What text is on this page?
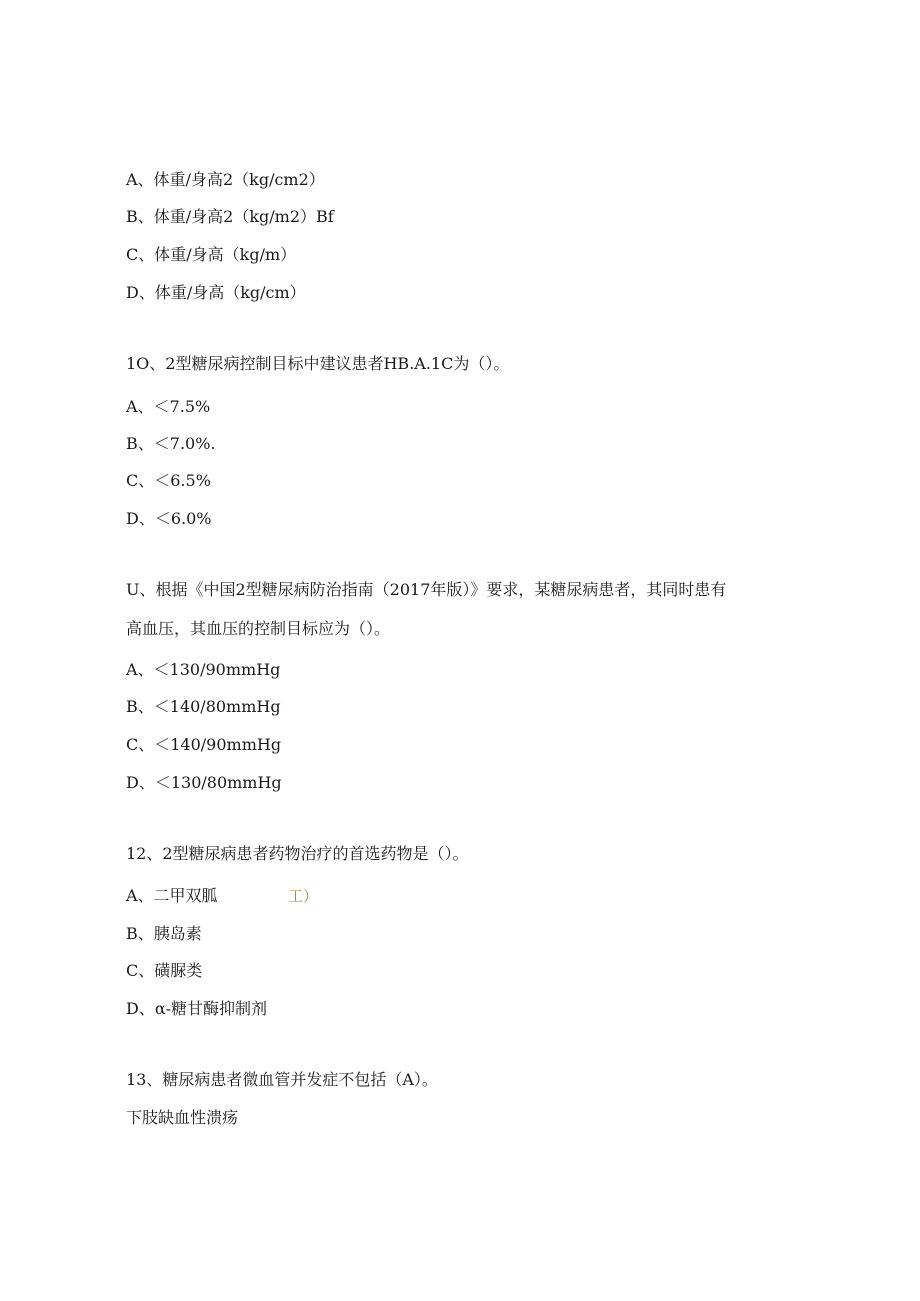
A、体重/身高2（kg∕cm2）
B、体重/身高2（kg∕m2）Bf
C、体重/身高（kg∕m）
D、体重/身高（kg∕cm）
1O、2型糖尿病控制目标中建议患者HB.A.1C为（）。
A、＜7.5%
B、＜7.0%.
C、＜6.5%
D、＜6.0%
U、根据《中国2型糖尿病防治指南（2017年版）》要求，某糖尿病患者，其同时患有
高血压，其血压的控制目标应为（）。
A、＜130∕90mmHg
B、＜140∕80mmHg
C、＜140∕90mmHg
D、＜130∕80mmHg
12、2型糖尿病患者药物治疗的首选药物是（）。
A、二甲双胍	工）
B、胰岛素
C、磺脲类
D、α-糖甘酶抑制剂
13、糖尿病患者微血管并发症不包括（A）。
下肢缺血性溃疡
